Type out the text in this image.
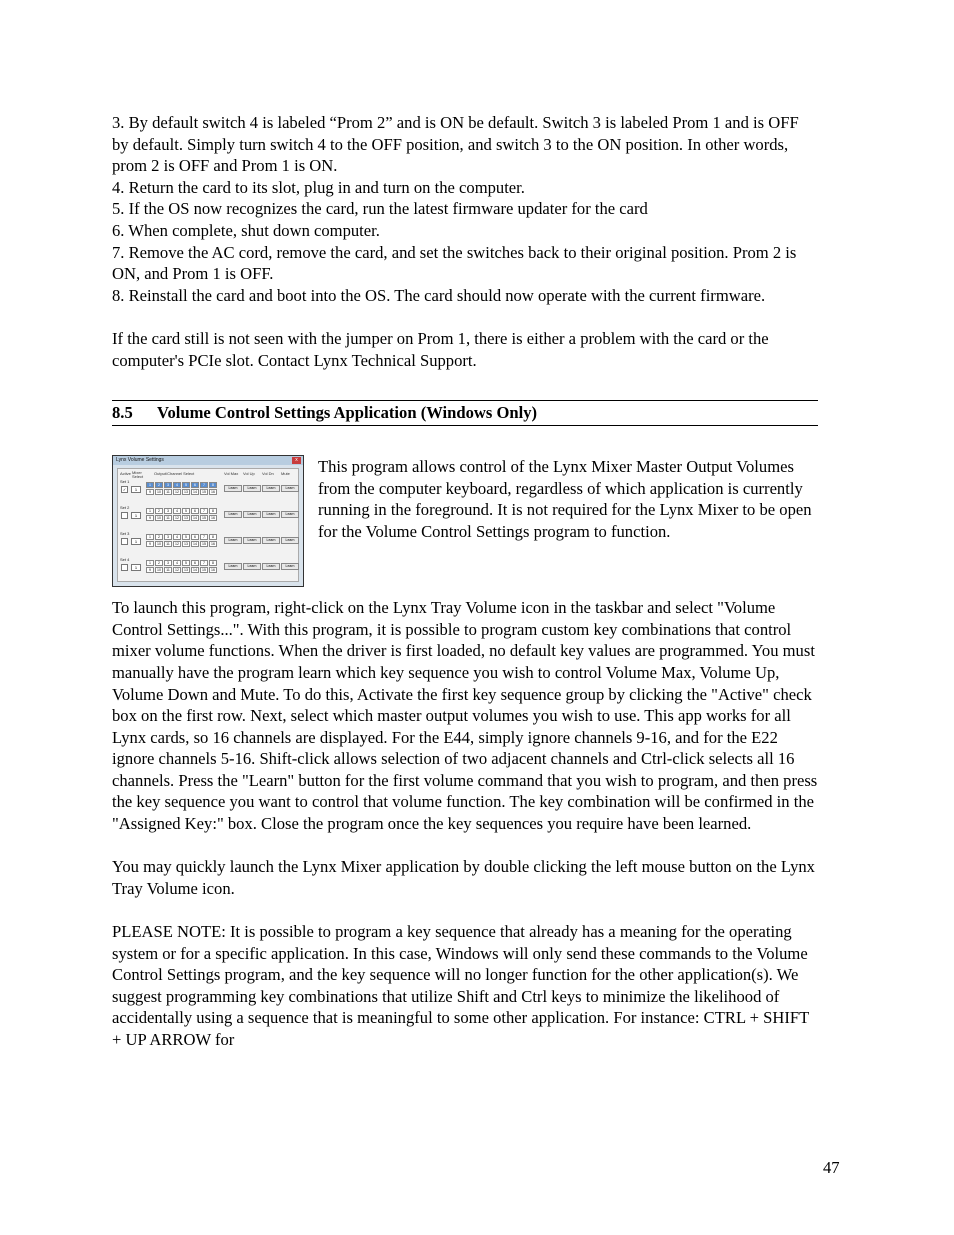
3. By default switch 4 is labeled “Prom 2” and is ON be default. Switch 3 is labeled Prom 1 and is OFF by default. Simply turn switch 4 to the OFF position, and switch 3 to the ON position. In other words, prom 2 is OFF and Prom 1 is ON.

4. Return the card to its slot, plug in and turn on the computer.

5. If the OS now recognizes the card, run the latest firmware updater for the card

6. When complete, shut down computer.

7. Remove the AC cord, remove the card, and set the switches back to their original position. Prom 2 is ON, and Prom 1 is OFF.

8. Reinstall the card and boot into the OS. The card should now operate with the current firmware.

If the card still is not seen with the jumper on Prom 1, there is either a problem with the card or the computer's PCIe slot. Contact Lynx Technical Support.

8.5	Volume Control Settings Application (Windows Only)
Lynx Volume Settings	x
Active Mixer Select
Output/Channel Select	Vol Max Vol Up Vol Dn Mute
Set 1
✓	1
1	2	3	4	5	6	7	8
9	10	11	12	13	14	15	16
Learn	Learn	Learn	Learn
Set 2
1
1	2	3	4	5	6	7	8
9	10	11	12	13	14	15	16
Learn	Learn	Learn	Learn
Set 3
1
1	2	3	4	5	6	7	8
9	10	11	12	13	14	15	16
Learn	Learn	Learn	Learn
Set 4
1
1	2	3	4	5	6	7	8
9	10	11	12	13	14	15	16
Learn	Learn	Learn	Learn

This program allows control of the Lynx Mixer Master Output Volumes from the computer keyboard, regardless of which application is currently running in the foreground. It is not required for the Lynx Mixer to be open for the Volume Control Settings program to function.

To launch this program, right-click on the Lynx Tray Volume icon in the taskbar and select "Volume Control Settings...". With this program, it is possible to program custom key combinations that control mixer volume functions. When the driver is first loaded, no default key values are programmed. You must manually have the program learn which key sequence you wish to control Volume Max, Volume Up, Volume Down and Mute. To do this, Activate the first key sequence group by clicking the "Active" check box on the first row. Next, select which master output volumes you wish to use. This app works for all Lynx cards, so 16 channels are displayed. For the E44, simply ignore channels 9-16, and for the E22 ignore channels 5-16. Shift-click allows selection of two adjacent channels and Ctrl-click selects all 16 channels. Press the "Learn" button for the first volume command that you wish to program, and then press the key sequence you want to control that volume function. The key combination will be confirmed in the "Assigned Key:" box. Close the program once the key sequences you require have been learned.

You may quickly launch the Lynx Mixer application by double clicking the left mouse button on the Lynx Tray Volume icon.

PLEASE NOTE: It is possible to program a key sequence that already has a meaning for the operating system or for a specific application. In this case, Windows will only send these commands to the Volume Control Settings program, and the key sequence will no longer function for the other application(s). We suggest programming key combinations that utilize Shift and Ctrl keys to minimize the likelihood of accidentally using a sequence that is meaningful to some other application. For instance: CTRL + SHIFT + UP ARROW for

47
